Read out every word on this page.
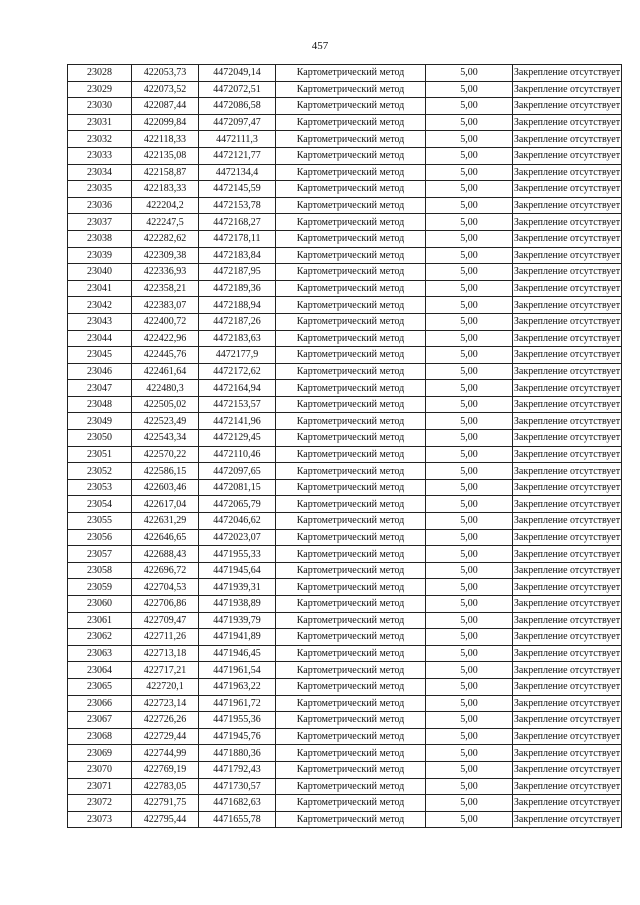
457
23028	422053,73	4472049,14	Картометрический метод	5,00	Закрепление отсутствует
23029	422073,52	4472072,51	Картометрический метод	5,00	Закрепление отсутствует
23030	422087,44	4472086,58	Картометрический метод	5,00	Закрепление отсутствует
23031	422099,84	4472097,47	Картометрический метод	5,00	Закрепление отсутствует
23032	422118,33	4472111,3	Картометрический метод	5,00	Закрепление отсутствует
23033	422135,08	4472121,77	Картометрический метод	5,00	Закрепление отсутствует
23034	422158,87	4472134,4	Картометрический метод	5,00	Закрепление отсутствует
23035	422183,33	4472145,59	Картометрический метод	5,00	Закрепление отсутствует
23036	422204,2	4472153,78	Картометрический метод	5,00	Закрепление отсутствует
23037	422247,5	4472168,27	Картометрический метод	5,00	Закрепление отсутствует
23038	422282,62	4472178,11	Картометрический метод	5,00	Закрепление отсутствует
23039	422309,38	4472183,84	Картометрический метод	5,00	Закрепление отсутствует
23040	422336,93	4472187,95	Картометрический метод	5,00	Закрепление отсутствует
23041	422358,21	4472189,36	Картометрический метод	5,00	Закрепление отсутствует
23042	422383,07	4472188,94	Картометрический метод	5,00	Закрепление отсутствует
23043	422400,72	4472187,26	Картометрический метод	5,00	Закрепление отсутствует
23044	422422,96	4472183,63	Картометрический метод	5,00	Закрепление отсутствует
23045	422445,76	4472177,9	Картометрический метод	5,00	Закрепление отсутствует
23046	422461,64	4472172,62	Картометрический метод	5,00	Закрепление отсутствует
23047	422480,3	4472164,94	Картометрический метод	5,00	Закрепление отсутствует
23048	422505,02	4472153,57	Картометрический метод	5,00	Закрепление отсутствует
23049	422523,49	4472141,96	Картометрический метод	5,00	Закрепление отсутствует
23050	422543,34	4472129,45	Картометрический метод	5,00	Закрепление отсутствует
23051	422570,22	4472110,46	Картометрический метод	5,00	Закрепление отсутствует
23052	422586,15	4472097,65	Картометрический метод	5,00	Закрепление отсутствует
23053	422603,46	4472081,15	Картометрический метод	5,00	Закрепление отсутствует
23054	422617,04	4472065,79	Картометрический метод	5,00	Закрепление отсутствует
23055	422631,29	4472046,62	Картометрический метод	5,00	Закрепление отсутствует
23056	422646,65	4472023,07	Картометрический метод	5,00	Закрепление отсутствует
23057	422688,43	4471955,33	Картометрический метод	5,00	Закрепление отсутствует
23058	422696,72	4471945,64	Картометрический метод	5,00	Закрепление отсутствует
23059	422704,53	4471939,31	Картометрический метод	5,00	Закрепление отсутствует
23060	422706,86	4471938,89	Картометрический метод	5,00	Закрепление отсутствует
23061	422709,47	4471939,79	Картометрический метод	5,00	Закрепление отсутствует
23062	422711,26	4471941,89	Картометрический метод	5,00	Закрепление отсутствует
23063	422713,18	4471946,45	Картометрический метод	5,00	Закрепление отсутствует
23064	422717,21	4471961,54	Картометрический метод	5,00	Закрепление отсутствует
23065	422720,1	4471963,22	Картометрический метод	5,00	Закрепление отсутствует
23066	422723,14	4471961,72	Картометрический метод	5,00	Закрепление отсутствует
23067	422726,26	4471955,36	Картометрический метод	5,00	Закрепление отсутствует
23068	422729,44	4471945,76	Картометрический метод	5,00	Закрепление отсутствует
23069	422744,99	4471880,36	Картометрический метод	5,00	Закрепление отсутствует
23070	422769,19	4471792,43	Картометрический метод	5,00	Закрепление отсутствует
23071	422783,05	4471730,57	Картометрический метод	5,00	Закрепление отсутствует
23072	422791,75	4471682,63	Картометрический метод	5,00	Закрепление отсутствует
23073	422795,44	4471655,78	Картометрический метод	5,00	Закрепление отсутствует
